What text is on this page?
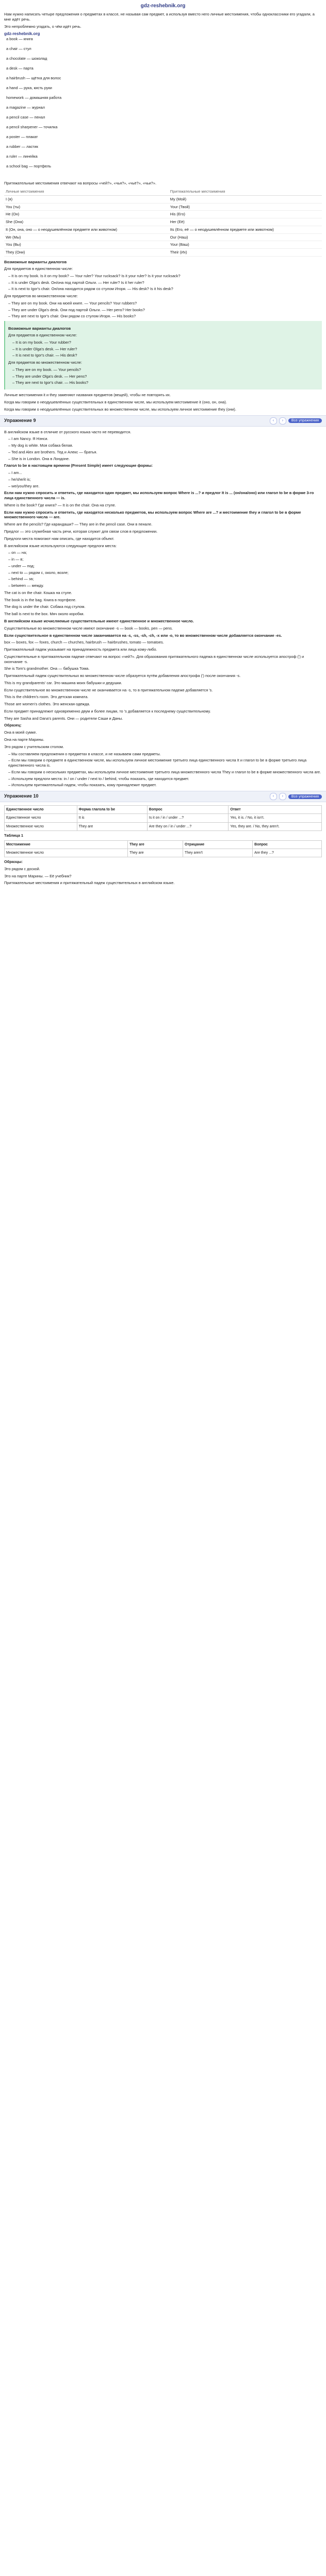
gdz-reshebnik.org

Нам нужно написать четыре предложения о предметах в классе, не называя сам предмет, а используя вместо него личные местоимения, чтобы одноклассники его угадали, а мне идёт речь.

Это непроблемно угадать, о чём идёт речь.

gdz-reshebnik.org
a book — книга
a chair — стул
a chocolate — шоколад
a desk — парта
a hairbrush — щётка для волос
a hand — рука, кисть руки
homework — домашняя работа
a magazine — журнал
a pencil case — пенал
a pencil sharpener — точилка
a poster — плакат
a rubber — ластик
a ruler — линейка
a school bag — портфель

Притяжательные местоимения отвечают на вопросы «чей?», «чья?», «чьё?», «чьи?».

Личные местоимения	Притяжательные местоимения
I (я)	My (Мой)
You (ты)	Your (Твой)
He (Он)	His (Его)
She (Она)	Her (Её)
It (Он, она, оно — о неодушевлённом предмете или животном)	Its (Его, её — о неодушевлённом предмете или животном)
We (Мы)	Our (Наш)
You (Вы)	Your (Ваш)
They (Они)	Their (Их)
Возможные варианты диалогов

Для предметов в единственном числе:

– It is on my book. Is it on my book? — Your ruler? Your rucksack? Is it your ruler? Is it your rucksack?
– It is under Olga's desk. Он/она под партой Ольги. — Her ruler? Is it her ruler?
– It is next to Igor's chair. Он/она находится рядом со стулом Игоря. — His desk? Is it his desk?

Для предметов во множественном числе:

– They are on my book. Они на моей книге. — Your pencils? Your rubbers?
– They are under Olga's desk. Они под партой Ольги. — Her pens? Her books?
– They are next to Igor's chair. Они рядом со стулом Игоря. — His books?
Возможные варианты диалогов

Для предметов в единственном числе:

– It is on my book. — Your rubber?
– It is under Olga's desk. — Her ruler?
– It is next to Igor's chair. — His desk?

Для предметов во множественном числе:

– They are on my book. — Your pencils?
– They are under Olga's desk. — Her pens?
– They are next to Igor's chair. — His books?

Личные местоимения it и they заменяют названия предметов (вещей), чтобы не повторять их.

Когда мы говорим о неодушевлённых существительных в единственном числе, мы используем местоимение it (оно, он, она).

Когда мы говорим о неодушевлённых существительных во множественном числе, мы используем личное местоимение they (они).

Упражнение 9	‹	›	Все упражнения

В английском языке в отличие от русского языка часто не переводится.

– I am Nancy. Я Нэнси.
– My dog is white. Моя собака белая.
– Ted and Alex are brothers. Тед и Алекс — братья.
– She is in London. Она в Лондоне.

Глагол to be в настоящем времени (Present Simple) имеет следующие формы:

– I am...
– he/she/it is;
– we/you/they are.

Если нам нужно спросить и ответить, где находится один предмет, мы используем вопрос Where is ...? и предлог It is ... (он/она/оно) или глагол to be в форме 3-го лица единственного числа — is.

Where is the book? Где книга? — It is on the chair. Она на стуле.

Если нам нужно спросить и ответить, где находятся несколько предметов, мы используем вопрос Where are ...? и местоимение they и глагол to be в форме множественного числа — are.

Where are the pencils? Где карандаши? — They are in the pencil case. Они в пенале.

Предлог — это служебная часть речи, которая служит для связи слов в предложении.

Предлоги места помогают нам описать, где находится объект.

В английском языке используются следующие предлоги места:

– on — на;
– in — в;
– under — под;
– next to — рядом с, около, возле;
– behind — за;
– between — между.

The cat is on the chair. Кошка на стуле.

The book is in the bag. Книга в портфеле.

The dog is under the chair. Собака под стулом.

The ball is next to the box. Мяч около коробки.

В английском языке исчисляемые существительные имеют единственное и множественное число.

Существительные во множественном числе имеют окончание -s — book — books, pen — pens.

Если существительное в единственном числе заканчивается на -s, -ss, -sh, -ch, -x или -o, то во множественном числе добавляется окончание -es.

box — boxes, fox — foxes, church — churches, hairbrush — hairbrushes, tomato — tomatoes.

Притяжательный падеж указывает на принадлежность предмета или лица кому-либо.

Существительные в притяжательном падеже отвечают на вопрос «чей?». Для образования притяжательного падежа в единственном числе используется апостроф (') и окончание -s.

She is Tom's grandmother. Она — бабушка Тома.

Притяжательный падеж существительных во множественном числе образуется путём добавления апострофа (') после окончания -s.

This is my grandparents' car. Это машина моих бабушки и дедушки.

Если существительное во множественном числе не оканчивается на -s, то в притяжательном падеже добавляется 's.

This is the children's room. Это детская комната.

Those are women's clothes. Это женская одежда.

Если предмет принадлежит одновременно двум и более лицам, то 's добавляется к последнему существительному.

They are Sasha and Dana's parents. Они — родители Саши и Даны.

Образец:

Она в моей сумке.

Она на парте Марины.

Это рядом с учительским столом.

– Мы составляем предложения о предметах в классе, и не называем сами предметы.
– Если мы говорим о предмете в единственном числе, мы используем личное местоимение третьего лица единственного числа It и глагол to be в форме третьего лица единственного числа is.
– Если мы говорим о нескольких предметах, мы используем личное местоимение третьего лица множественного числа They и глагол to be в форме множественного числа are.
– Используем предлоги места: in / on / under / next to / behind, чтобы показать, где находится предмет.
– Используем притяжательный падеж, чтобы показать, кому принадлежит предмет.
Упражнение 10	‹	›	Все упражнения
Единственное число	Форма глагола to be	Вопрос	Ответ
Единственное число	It is	Is it on / in / under ...?	Yes, it is. / No, it isn't.
Множественное число	They are	Are they on / in / under ...?	Yes, they are. / No, they aren't.

Таблица 1

Местоимение	They are	Отрицание	Вопрос
Множественное число	They are	They aren't	Are they ...?

Образцы:

Это рядом с доской.

Это на парте Марины. — Её учебник?

Притяжательные местоимения и притяжательный падеж существительных в английском языке.
